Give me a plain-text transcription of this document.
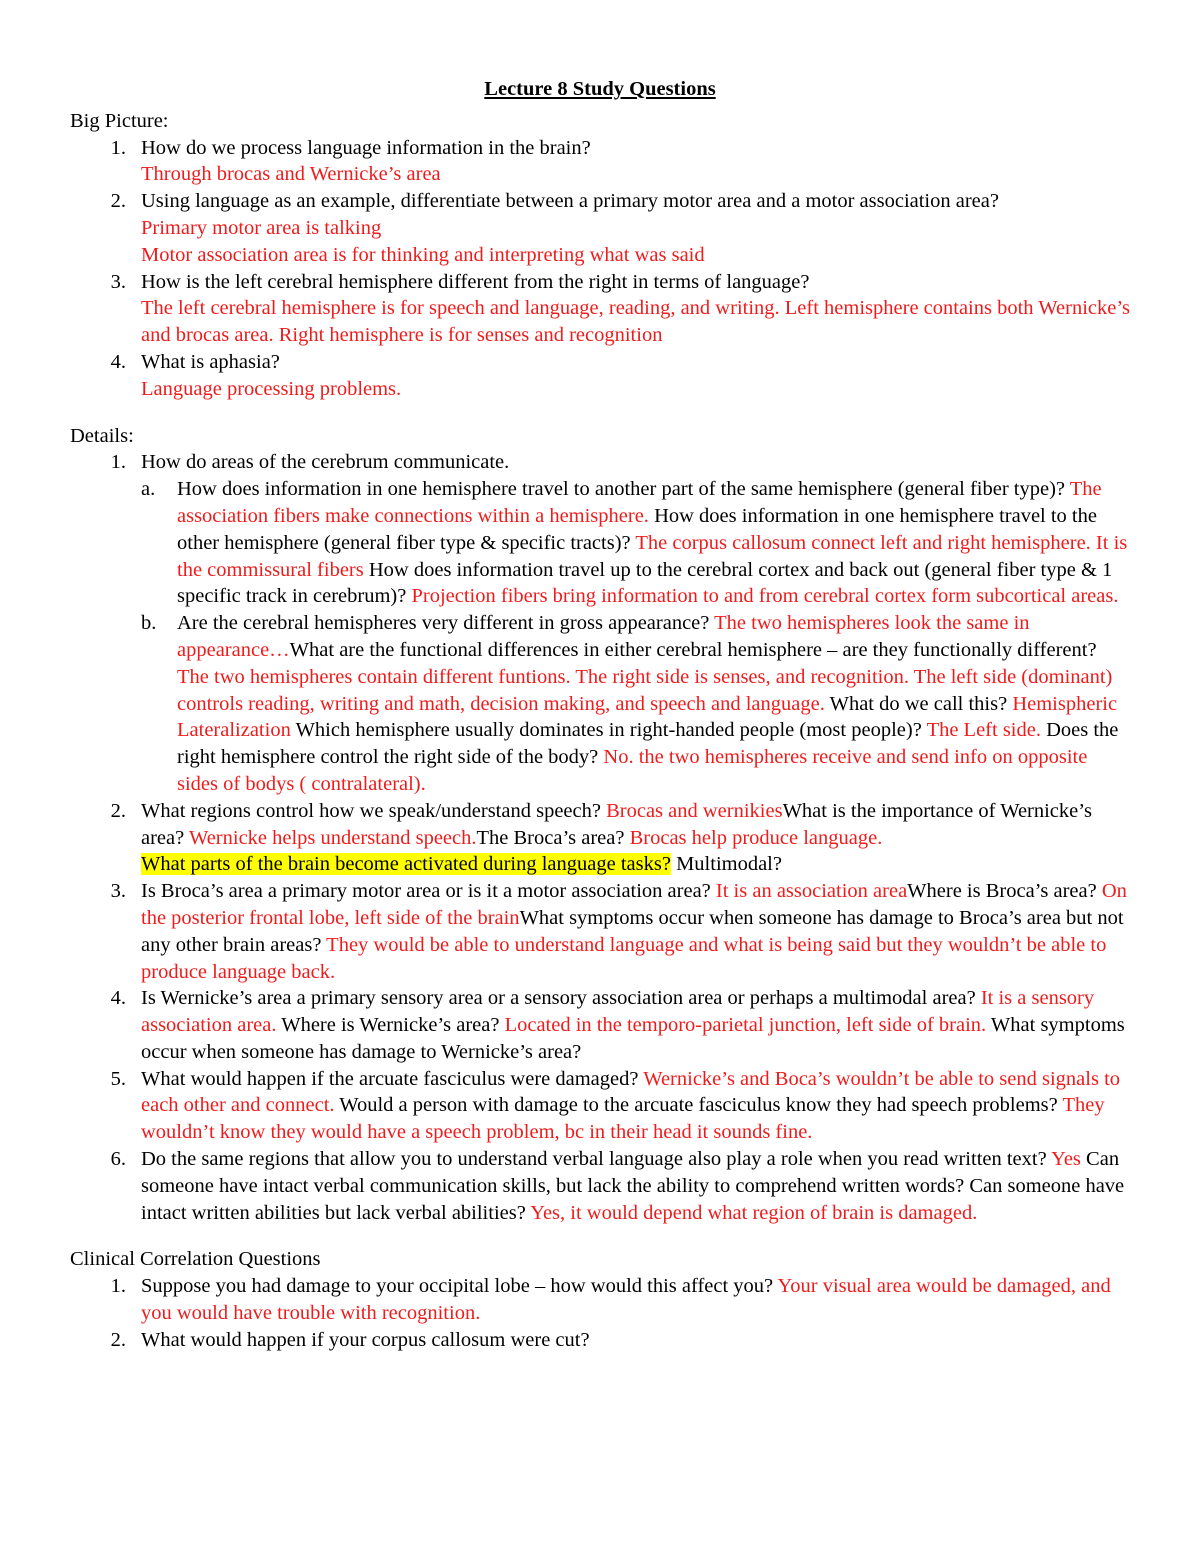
Lecture 8 Study Questions
Big Picture:
1. How do we process language information in the brain?
Through brocas and Wernicke’s area
2. Using language as an example, differentiate between a primary motor area and a motor association area?
Primary motor area is talking
Motor association area is for thinking and interpreting what was said
3. How is the left cerebral hemisphere different from the right in terms of language?
The left cerebral hemisphere is for speech and language, reading, and writing. Left hemisphere contains both Wernicke’s and brocas area. Right hemisphere is for senses and recognition
4. What is aphasia?
Language processing problems.
Details:
1. How do areas of the cerebrum communicate.
a. How does information in one hemisphere travel to another part of the same hemisphere (general fiber type)? The association fibers make connections within a hemisphere. How does information in one hemisphere travel to the other hemisphere (general fiber type & specific tracts)? The corpus callosum connect left and right hemisphere. It is the commissural fibers How does information travel up to the cerebral cortex and back out (general fiber type & 1 specific track in cerebrum)? Projection fibers bring information to and from cerebral cortex form subcortical areas.
b. Are the cerebral hemispheres very different in gross appearance? The two hemispheres look the same in appearance…What are the functional differences in either cerebral hemisphere – are they functionally different? The two hemispheres contain different funtions. The right side is senses, and recognition. The left side (dominant) controls reading, writing and math, decision making, and speech and language. What do we call this? Hemispheric Lateralization Which hemisphere usually dominates in right-handed people (most people)? The Left side. Does the right hemisphere control the right side of the body? No. the two hemispheres receive and send info on opposite sides of bodys ( contralateral).
2. What regions control how we speak/understand speech? Brocas and wernikiesWhat is the importance of Wernicke’s area? Wernicke helps understand speech.The Broca’s area? Brocas help produce language.
What parts of the brain become activated during language tasks? Multimodal?
3. Is Broca’s area a primary motor area or is it a motor association area? It is an association areaWhere is Broca’s area? On the posterior frontal lobe, left side of the brainWhat symptoms occur when someone has damage to Broca’s area but not any other brain areas? They would be able to understand language and what is being said but they wouldn’t be able to produce language back.
4. Is Wernicke’s area a primary sensory area or a sensory association area or perhaps a multimodal area? It is a sensory association area. Where is Wernicke’s area? Located in the temporo-parietal junction, left side of brain. What symptoms occur when someone has damage to Wernicke’s area?
5. What would happen if the arcuate fasciculus were damaged? Wernicke’s and Boca’s wouldn’t be able to send signals to each other and connect. Would a person with damage to the arcuate fasciculus know they had speech problems? They wouldn’t know they would have a speech problem, bc in their head it sounds fine.
6. Do the same regions that allow you to understand verbal language also play a role when you read written text? Yes Can someone have intact verbal communication skills, but lack the ability to comprehend written words? Can someone have intact written abilities but lack verbal abilities? Yes, it would depend what region of brain is damaged.
Clinical Correlation Questions
1. Suppose you had damage to your occipital lobe – how would this affect you? Your visual area would be damaged, and you would have trouble with recognition.
2. What would happen if your corpus callosum were cut?
